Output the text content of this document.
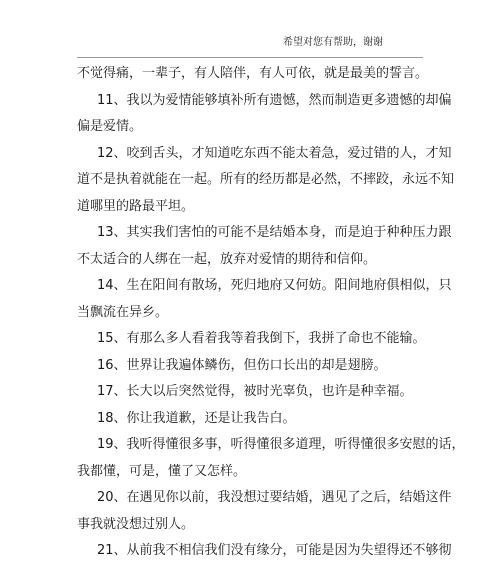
希望对您有帮助，谢谢
不觉得痛，一辈子，有人陪伴，有人可依，就是最美的誓言。
11、我以为爱情能够填补所有遗憾，然而制造更多遗憾的却偏
偏是爱情。
12、咬到舌头，才知道吃东西不能太着急，爱过错的人，才知
道不是执着就能在一起。所有的经历都是必然，不摔跤，永远不知
道哪里的路最平坦。
13、其实我们害怕的可能不是结婚本身，而是迫于种种压力跟
不太适合的人绑在一起，放弃对爱情的期待和信仰。
14、生在阳间有散场，死归地府又何妨。阳间地府俱相似，只
当飘流在异乡。
15、有那么多人看着我等着我倒下，我拼了命也不能输。
16、世界让我遍体鳞伤，但伤口长出的却是翅膀。
17、长大以后突然觉得，被时光辜负，也许是种幸福。
18、你让我道歉，还是让我告白。
19、我听得懂很多事，听得懂很多道理，听得懂很多安慰的话，
我都懂，可是，懂了又怎样。
20、在遇见你以前，我没想过要结婚，遇见了之后，结婚这件
事我就没想过别人。
21、从前我不相信我们没有缘分，可能是因为失望得还不够彻
